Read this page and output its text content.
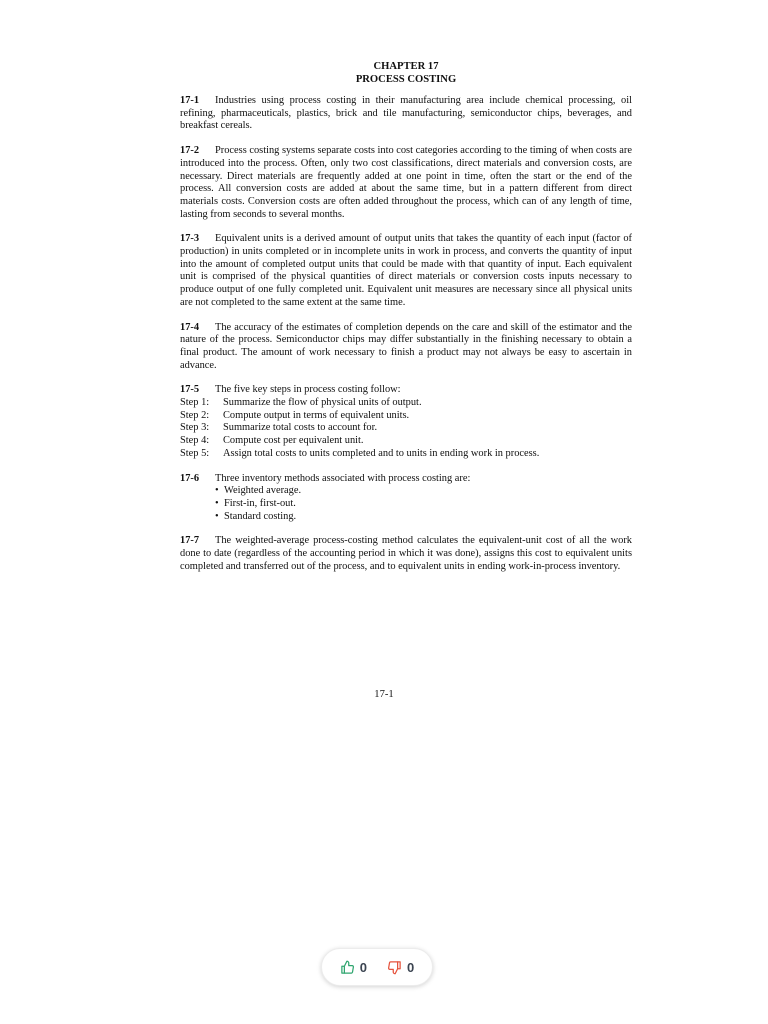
CHAPTER 17
PROCESS COSTING

17-1 Industries using process costing in their manufacturing area include chemical processing, oil refining, pharmaceuticals, plastics, brick and tile manufacturing, semiconductor chips, beverages, and breakfast cereals.

17-2 Process costing systems separate costs into cost categories according to the timing of when costs are introduced into the process. Often, only two cost classifications, direct materials and conversion costs, are necessary. Direct materials are frequently added at one point in time, often the start or the end of the process. All conversion costs are added at about the same time, but in a pattern different from direct materials costs. Conversion costs are often added throughout the process, which can of any length of time, lasting from seconds to several months.

17-3 Equivalent units is a derived amount of output units that takes the quantity of each input (factor of production) in units completed or in incomplete units in work in process, and converts the quantity of input into the amount of completed output units that could be made with that quantity of input. Each equivalent unit is comprised of the physical quantities of direct materials or conversion costs inputs necessary to produce output of one fully completed unit. Equivalent unit measures are necessary since all physical units are not completed to the same extent at the same time.

17-4 The accuracy of the estimates of completion depends on the care and skill of the estimator and the nature of the process. Semiconductor chips may differ substantially in the finishing necessary to obtain a final product. The amount of work necessary to finish a product may not always be easy to ascertain in advance.

17-5 The five key steps in process costing follow:
Step 1: Summarize the flow of physical units of output.
Step 2: Compute output in terms of equivalent units.
Step 3: Summarize total costs to account for.
Step 4: Compute cost per equivalent unit.
Step 5: Assign total costs to units completed and to units in ending work in process.
17-6 Three inventory methods associated with process costing are:
• Weighted average.
• First-in, first-out.
• Standard costing.

17-7 The weighted-average process-costing method calculates the equivalent-unit cost of all the work done to date (regardless of the accounting period in which it was done), assigns this cost to equivalent units completed and transferred out of the process, and to equivalent units in ending work-in-process inventory.

17-1
0	0
